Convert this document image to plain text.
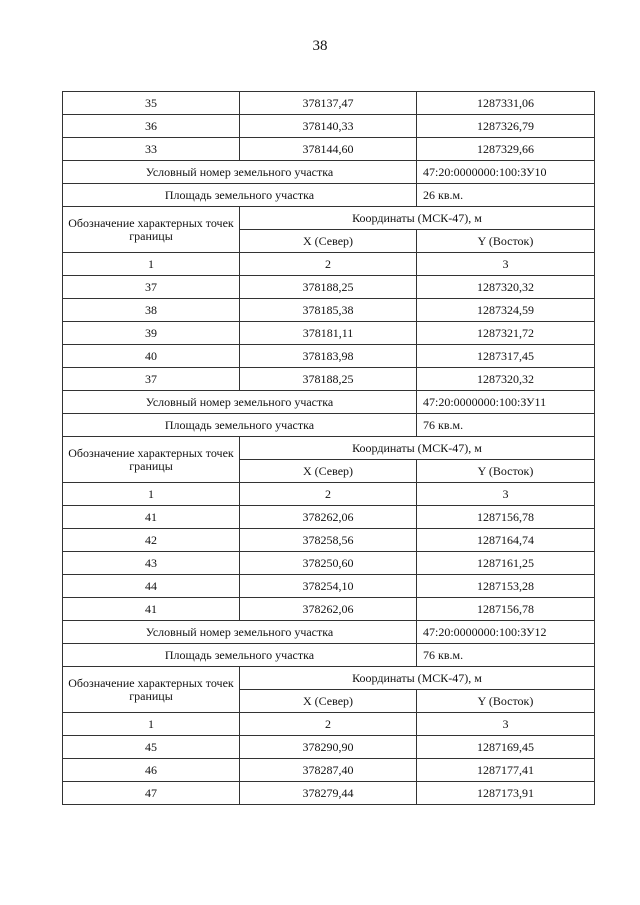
38
35	378137,47	1287331,06
36	378140,33	1287326,79
33	378144,60	1287329,66
Условный номер земельного участка		47:20:0000000:100:ЗУ10
Площадь земельного участка		26 кв.м.
Обозначение характерных точек границы	Координаты (МСК-47), м	
	X (Север)	Y (Восток)
1	2	3
37	378188,25	1287320,32
38	378185,38	1287324,59
39	378181,11	1287321,72
40	378183,98	1287317,45
37	378188,25	1287320,32
Условный номер земельного участка		47:20:0000000:100:ЗУ11
Площадь земельного участка		76 кв.м.
Обозначение характерных точек границы	Координаты (МСК-47), м	
	X (Север)	Y (Восток)
1	2	3
41	378262,06	1287156,78
42	378258,56	1287164,74
43	378250,60	1287161,25
44	378254,10	1287153,28
41	378262,06	1287156,78
Условный номер земельного участка		47:20:0000000:100:ЗУ12
Площадь земельного участка		76 кв.м.
Обозначение характерных точек границы	Координаты (МСК-47), м	
	X (Север)	Y (Восток)
1	2	3
45	378290,90	1287169,45
46	378287,40	1287177,41
47	378279,44	1287173,91
